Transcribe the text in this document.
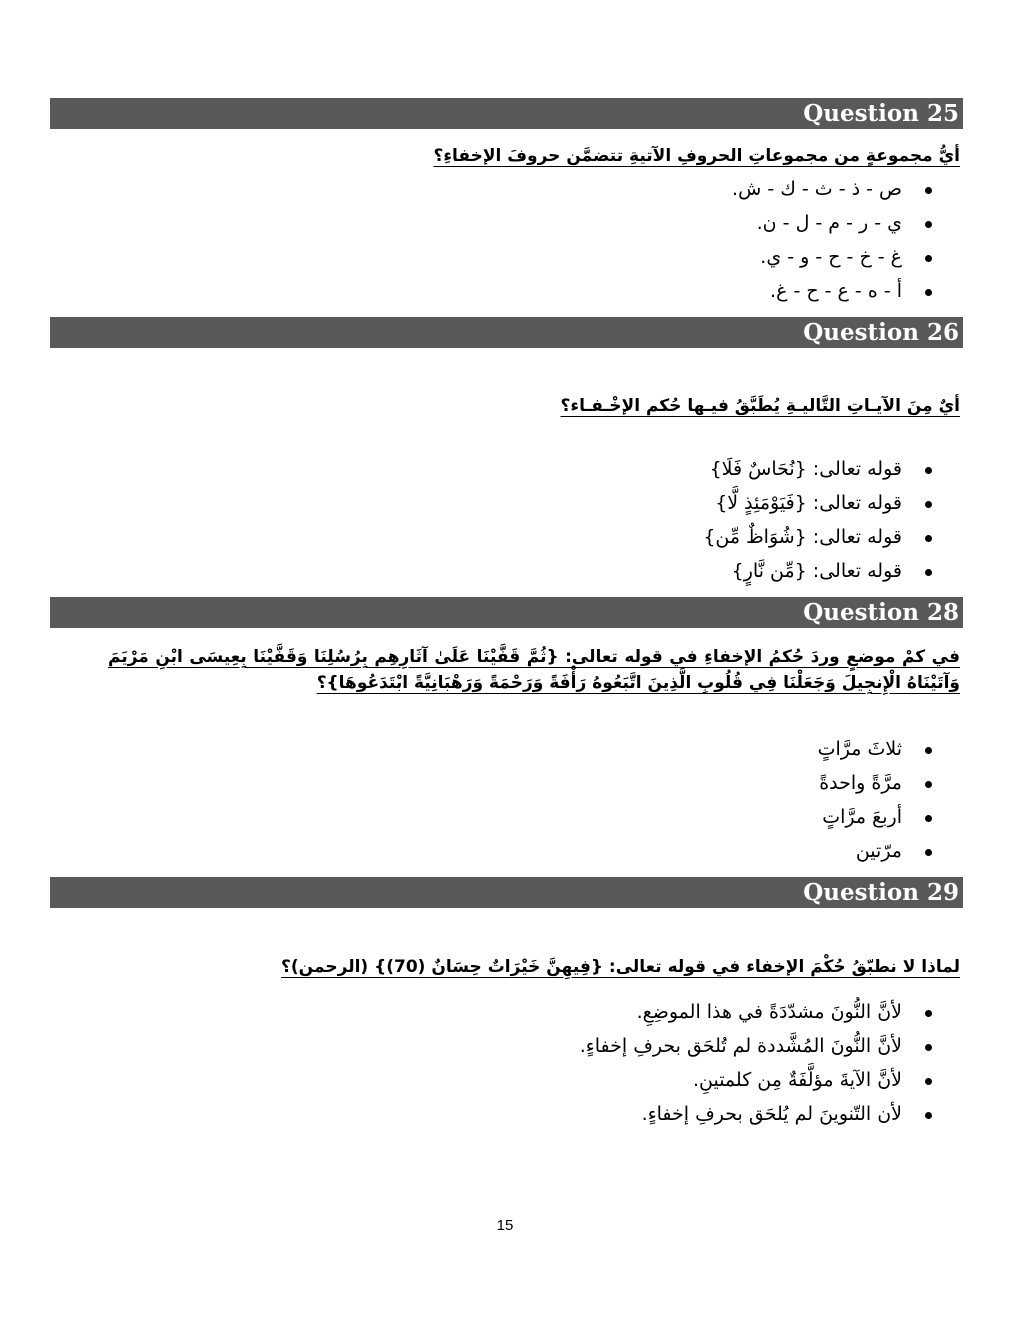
Question 25
أيُّ مجموعةٍ من مجموعاتِ الحروفِ الآتيةِ تتضمَّن حروفَ الإخفاءِ؟
ص - ذ - ث - ك - ش.
ي - ر - م - ل - ن.
غ - خ - ح - و - ي.
أ - ه - ع - ح - غ.
Question 26
أيٌ مِنَ الآيـاتِ التَّاليـةِ يُطَبَّقُ فيـها حُكم الإخْـفـاء؟
قوله تعالى: {نُحَاسٌ فَلَا}
قوله تعالى: {فَيَوْمَئِذٍ لَّا}
قوله تعالى: {شُوَاظٌ مِّن}
قوله تعالى: {مِّن نَّارٍ}
Question 28
في كمْ موضعٍ وردَ حُكمُ الإخفاءِ في قوله تعالى: {ثُمَّ قَفَّيْنَا عَلَىٰ آثَارِهِم بِرُسُلِنَا وَقَفَّيْنَا بِعِيسَى ابْنِ مَرْيَمَ وَآتَيْنَاهُ الْإِنجِيلَ وَجَعَلْنَا فِي قُلُوبِ الَّذِينَ اتَّبَعُوهُ رَأْفَةً وَرَحْمَةً وَرَهْبَانِيَّةً ابْتَدَعُوهَا}؟
ثلاثَ مرَّاتٍ
مرَّةً واحدةً
أربعَ مرَّاتٍ
مرّتين
Question 29
لماذا لا نطبّقُ حُكْمَ الإخفاء في قوله تعالى: {فِيهِنَّ خَيْرَاتٌ حِسَانٌ (70)} (الرحمن)؟
لأنَّ النُّونَ مشدّدَةً في هذا الموضِعِ.
لأنَّ النُّونَ المُشَّددة لم تُلحَق بحرفِ إخفاءٍ.
لأنَّ الآيةَ مؤلَّفَةٌ مِن كلمتينِ.
لأن التّنوينَ لم يُلحَق بحرفِ إخفاءٍ.
15
